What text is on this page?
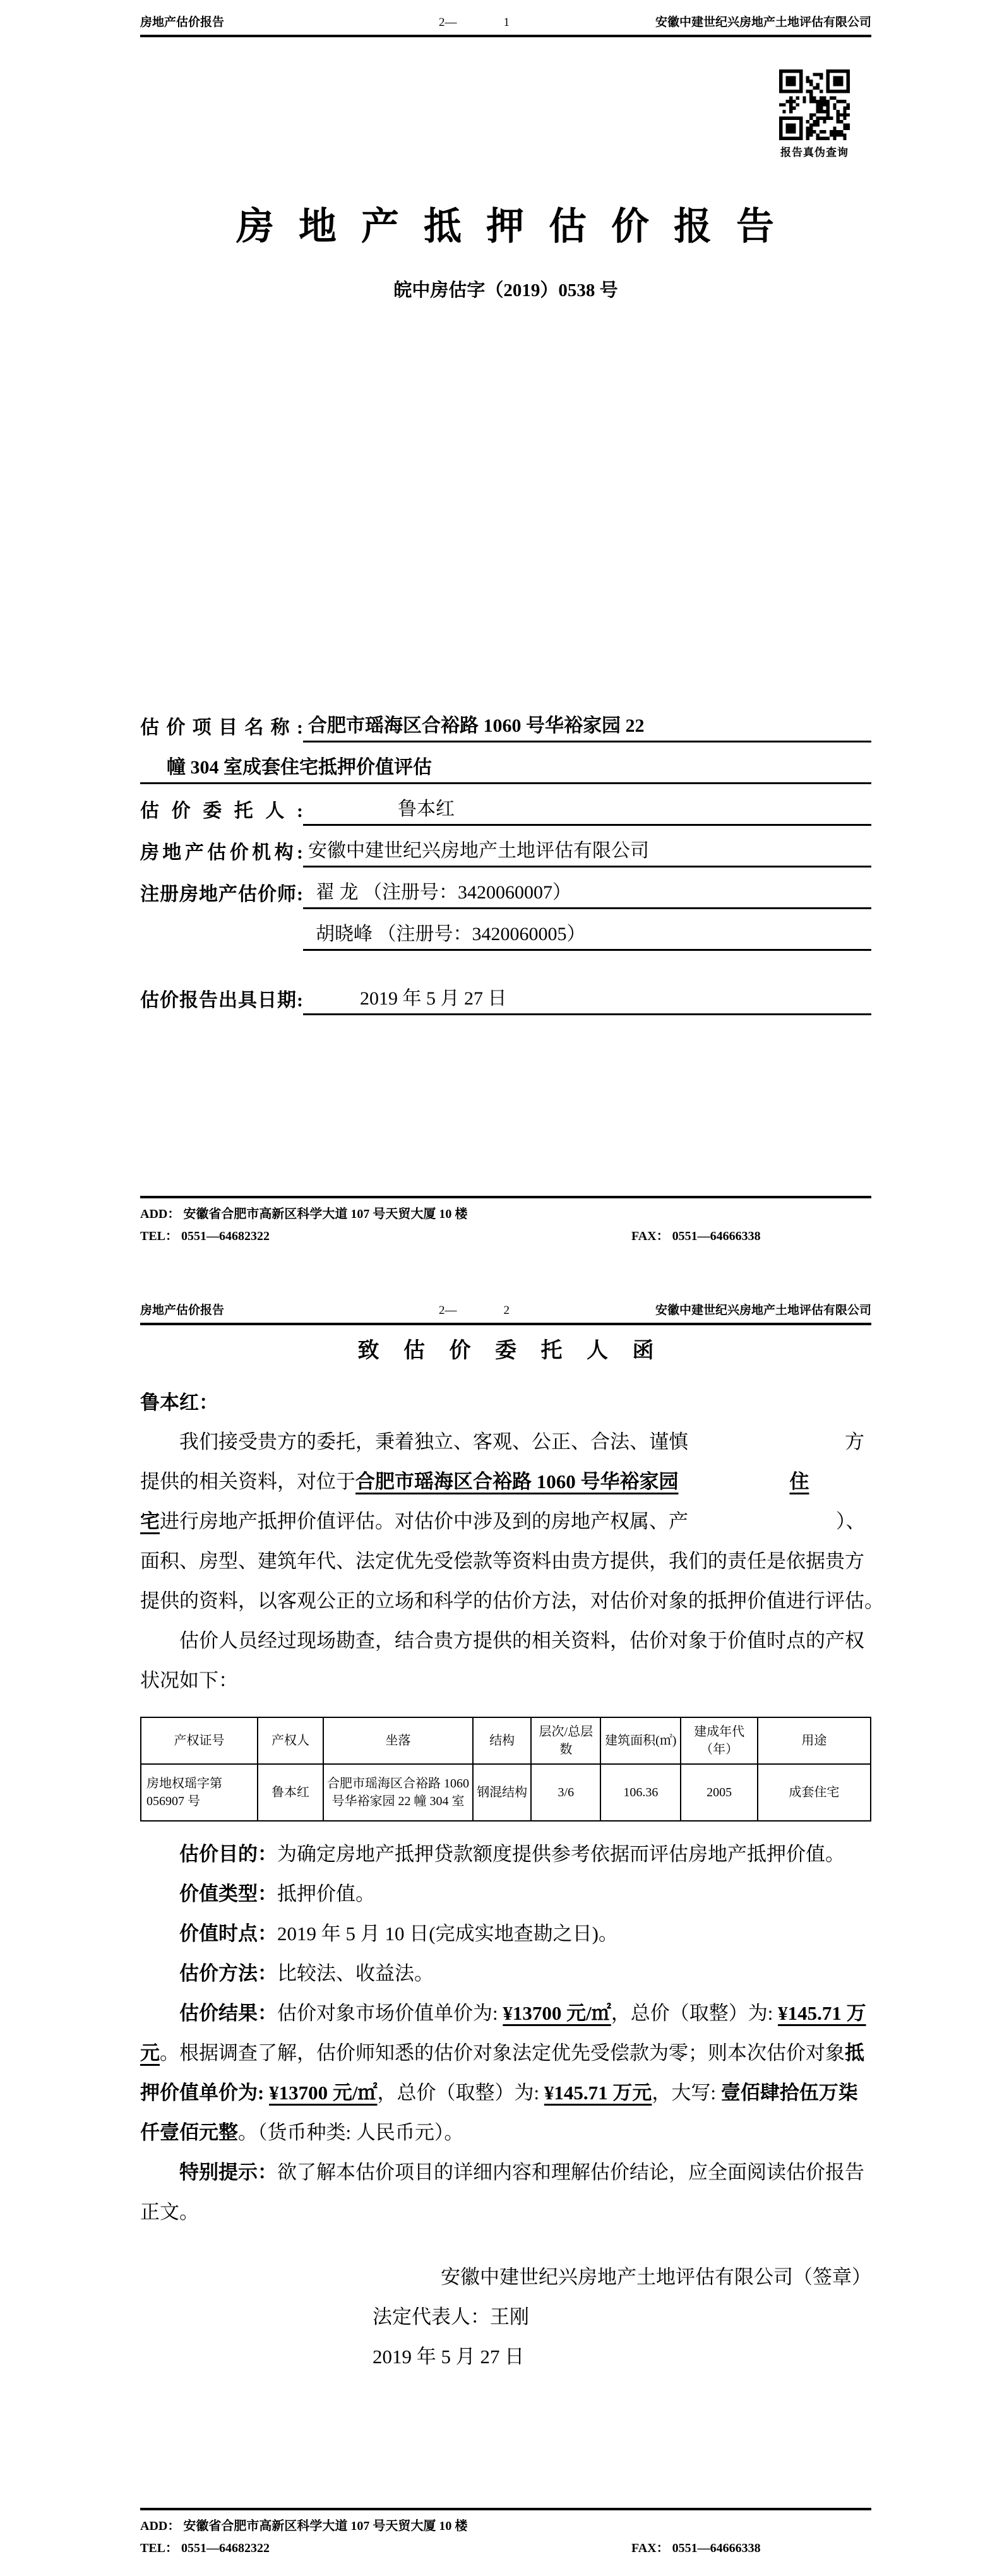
房地产估价报告	2—	1	安徽中建世纪兴房地产土地评估有限公司
报告真伪查询
房 地 产 抵 押 估 价 报 告
皖中房估字（2019）0538 号
估价项目名称: 合肥市瑶海区合裕路 1060 号华裕家园 22
幢 304 室成套住宅抵押价值评估
估价委托人:	鲁本红
房地产估价机构: 安徽中建世纪兴房地产土地评估有限公司
注册房地产估价师: 翟 龙 （注册号：3420060007）
胡晓峰 （注册号：3420060005）
估价报告出具日期:	2019 年 5 月 27 日
ADD： 安徽省合肥市高新区科学大道 107 号天贸大厦 10 楼
TEL： 0551—64682322	FAX： 0551—64666338
房地产估价报告	2—	2	安徽中建世纪兴房地产土地评估有限公司
致 估 价 委 托 人 函
鲁本红：
我们接受贵方的委托，秉着独立、客观、公正、合法、谨慎	方
提供的相关资料，对位于合肥市瑶海区合裕路 1060 号华裕家园	住
宅进行房地产抵押价值评估。对估价中涉及到的房地产权属、产	）、
面积、房型、建筑年代、法定优先受偿款等资料由贵方提供，我们的责任是依据贵方
提供的资料，以客观公正的立场和科学的估价方法，对估价对象的抵押价值进行评估。

估价人员经过现场勘查，结合贵方提供的相关资料，估价对象于价值时点的产权状况如下：

产权证号	产权人	坐落	结构	层次/总层数	建筑面积(㎡)	建成年代（年）	用途
房地权瑶字第 056907 号	鲁本红	合肥市瑶海区合裕路 1060 号华裕家园 22 幢 304 室	钢混结构	3/6	106.36	2005	成套住宅

估价目的：为确定房地产抵押贷款额度提供参考依据而评估房地产抵押价值。

价值类型：抵押价值。

价值时点：2019 年 5 月 10 日(完成实地查勘之日)。

估价方法：比较法、收益法。

估价结果：估价对象市场价值单价为: ¥13700 元/㎡，总价（取整）为: ¥145.71 万元。根据调查了解，估价师知悉的估价对象法定优先受偿款为零；则本次估价对象抵押价值单价为: ¥13700 元/㎡，总价（取整）为: ¥145.71 万元，大写: 壹佰肆拾伍万柒仟壹佰元整。（货币种类: 人民币元）。

特别提示：欲了解本估价项目的详细内容和理解估价结论，应全面阅读估价报告正文。

安徽中建世纪兴房地产土地评估有限公司（签章）
法定代表人：王刚
2019 年 5 月 27 日
ADD： 安徽省合肥市高新区科学大道 107 号天贸大厦 10 楼
TEL： 0551—64682322	FAX： 0551—64666338
